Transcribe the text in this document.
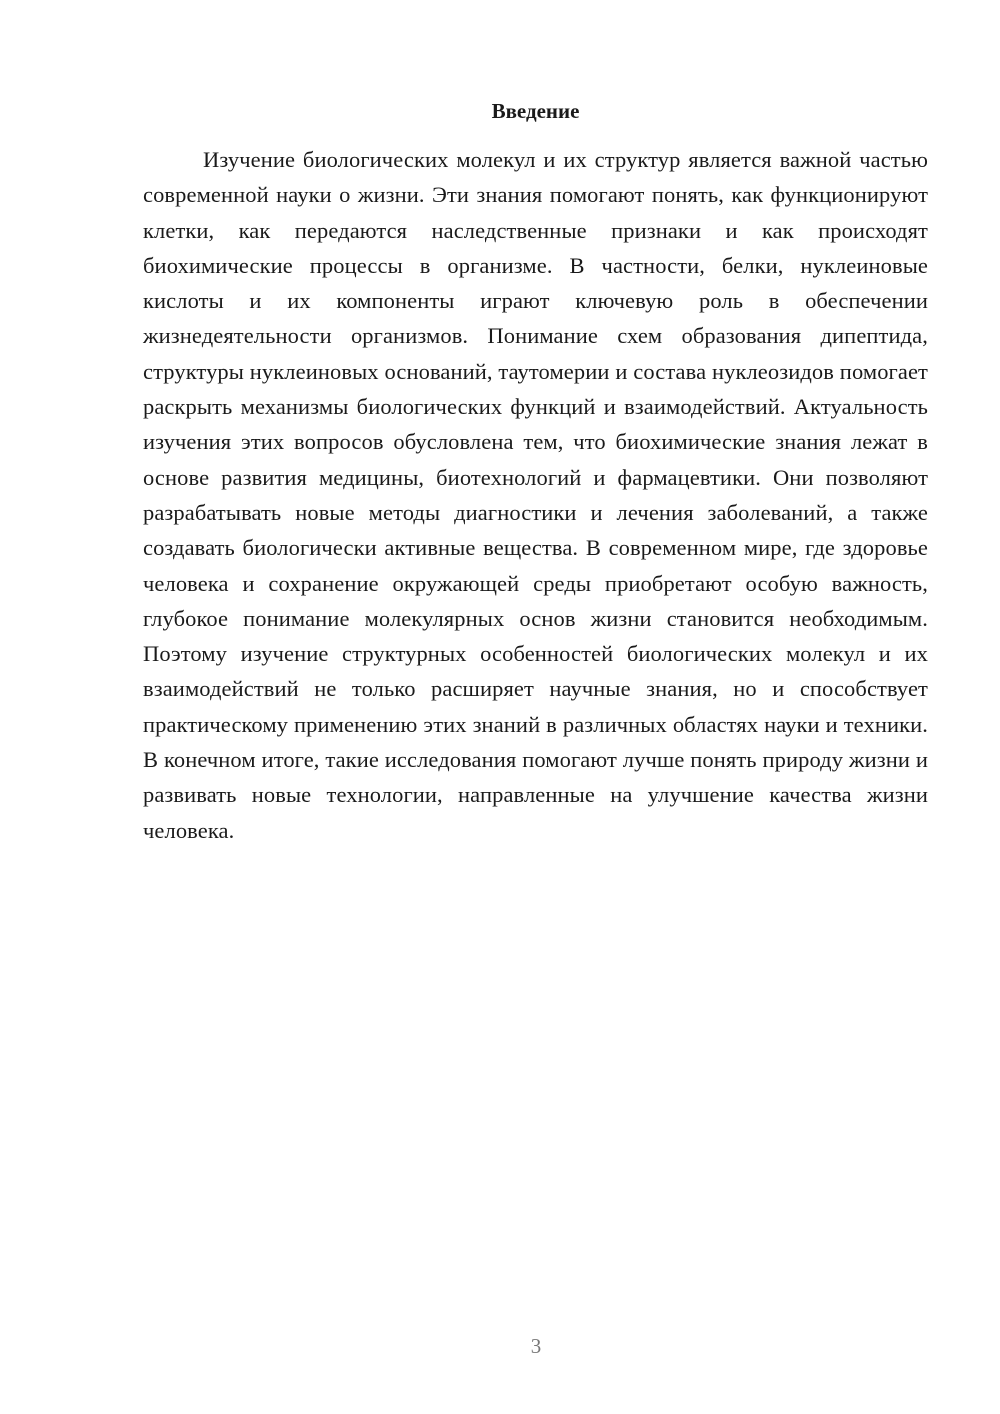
Введение

Изучение биологических молекул и их структур является важной частью современной науки о жизни. Эти знания помогают понять, как функционируют клетки, как передаются наследственные признаки и как происходят биохимические процессы в организме. В частности, белки, нуклеиновые кислоты и их компоненты играют ключевую роль в обеспечении жизнедеятельности организмов. Понимание схем образования дипептида, структуры нуклеиновых оснований, таутомерии и состава нуклеозидов помогает раскрыть механизмы биологических функций и взаимодействий. Актуальность изучения этих вопросов обусловлена тем, что биохимические знания лежат в основе развития медицины, биотехнологий и фармацевтики. Они позволяют разрабатывать новые методы диагностики и лечения заболеваний, а также создавать биологически активные вещества. В современном мире, где здоровье человека и сохранение окружающей среды приобретают особую важность, глубокое понимание молекулярных основ жизни становится необходимым. Поэтому изучение структурных особенностей биологических молекул и их взаимодействий не только расширяет научные знания, но и способствует практическому применению этих знаний в различных областях науки и техники. В конечном итоге, такие исследования помогают лучше понять природу жизни и развивать новые технологии, направленные на улучшение качества жизни человека.

3
